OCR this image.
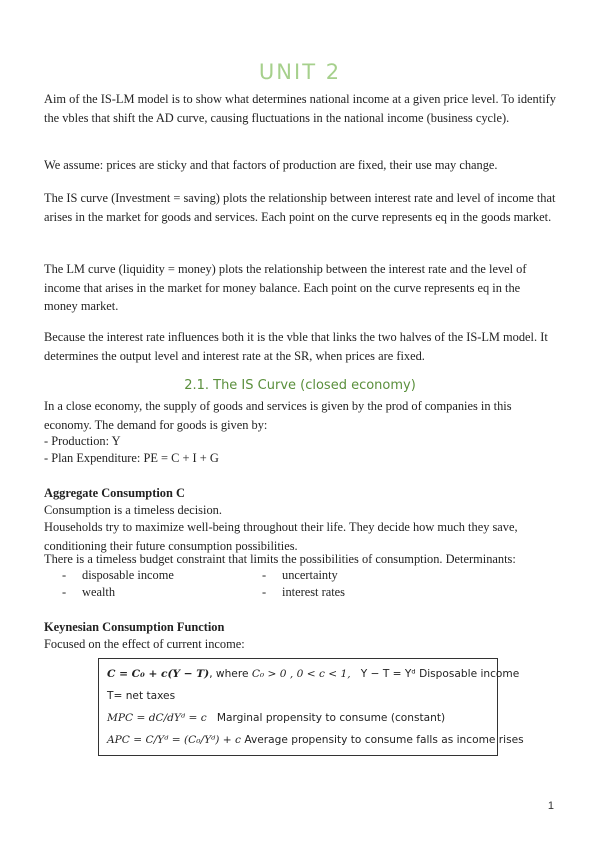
UNIT 2
Aim of the IS-LM model is to show what determines national income at a given price level. To identify the vbles that shift the AD curve, causing fluctuations in the national income (business cycle).
We assume: prices are sticky and that factors of production are fixed, their use may change.
The IS curve (Investment = saving) plots the relationship between interest rate and level of income that arises in the market for goods and services. Each point on the curve represents eq in the goods market.
The LM curve (liquidity = money) plots the relationship between the interest rate and the level of income that arises in the market for money balance. Each point on the curve represents eq in the money market.
Because the interest rate influences both it is the vble that links the two halves of the IS-LM model. It determines the output level and interest rate at the SR, when prices are fixed.
2.1. The IS Curve (closed economy)
In a close economy, the supply of goods and services is given by the prod of companies in this economy. The demand for goods is given by:
- Production: Y
- Plan Expenditure: PE = C + I + G
Aggregate Consumption C
Consumption is a timeless decision.
Households try to maximize well-being throughout their life. They decide how much they save, conditioning their future consumption possibilities.
There is a timeless budget constraint that limits the possibilities of consumption. Determinants:
- disposable income	- uncertainty
- wealth	- interest rates
Keynesian Consumption Function
Focused on the effect of current income:
C = C₀ + c(Y − T), where C₀ > 0 , 0 < c < 1, Y − T = Yᵈ Disposable income
T= net taxes
MPC = dC/dYᵈ = c Marginal propensity to consume (constant)
APC = C/Yᵈ = (C₀/Yᵈ) + c Average propensity to consume falls as income rises
1
